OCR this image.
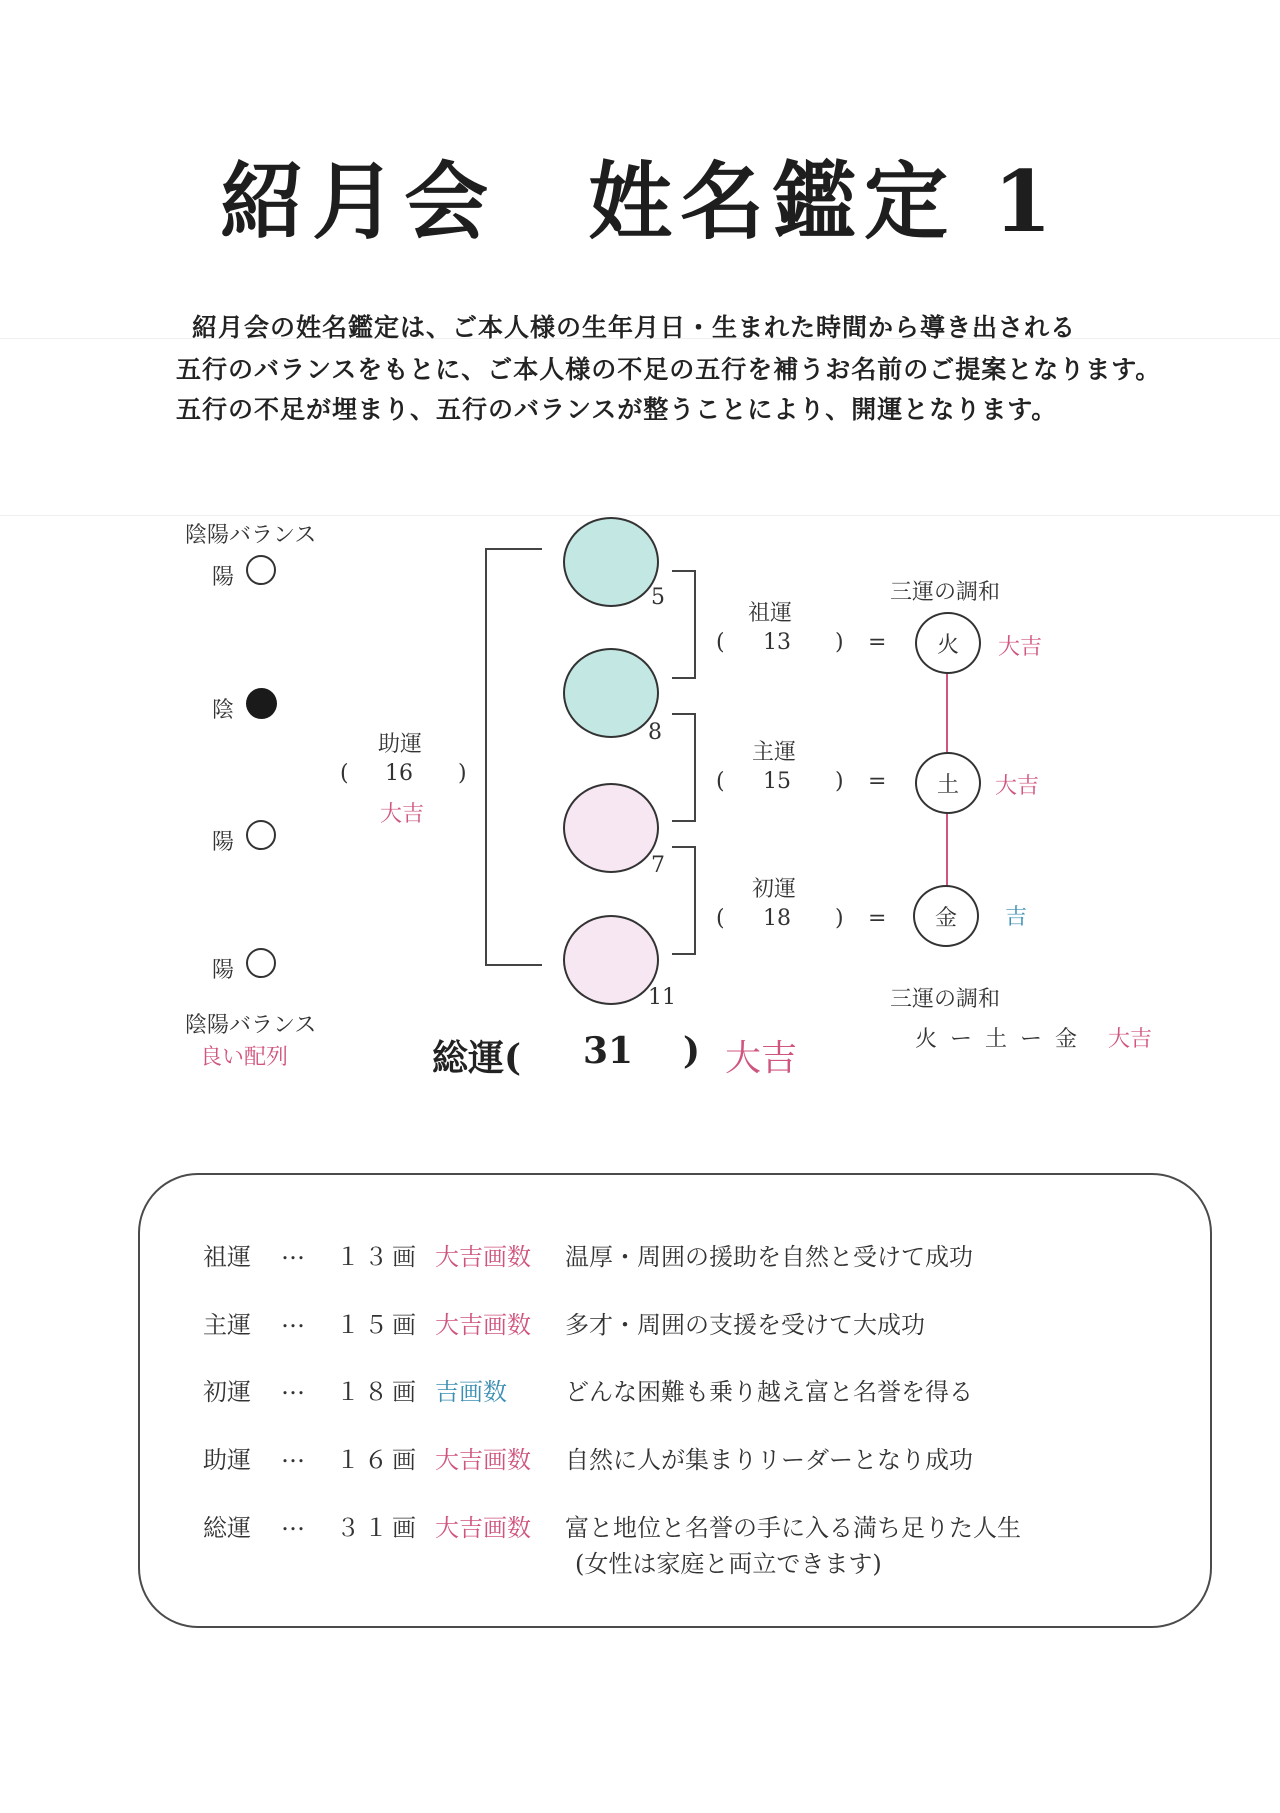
紹月会　姓名鑑定 1
紹月会の姓名鑑定は、ご本人様の生年月日・生まれた時間から導き出される
五行のバランスをもとに、ご本人様の不足の五行を補うお名前のご提案となります。
五行の不足が埋まり、五行のバランスが整うことにより、開運となります。
陰陽バランス
陽
陰
陽
陽
陰陽バランス
良い配列
助運
( 16 )
大吉
5
8
7
11
祖運
( 13 ) =
主運
( 15 ) =
初運
( 18 ) =
三運の調和
火 大吉
土 大吉
金 吉
三運の調和
火 ー 土 ー 金 大吉
総運( 31 ) 大吉
祖運 … １３画 大吉画数 温厚・周囲の援助を自然と受けて成功
主運 … １５画 大吉画数 多才・周囲の支援を受けて大成功
初運 … １８画 吉画数 どんな困難も乗り越え富と名誉を得る
助運 … １６画 大吉画数 自然に人が集まりリーダーとなり成功
総運 … ３１画 大吉画数 富と地位と名誉の手に入る満ち足りた人生
(女性は家庭と両立できます)
